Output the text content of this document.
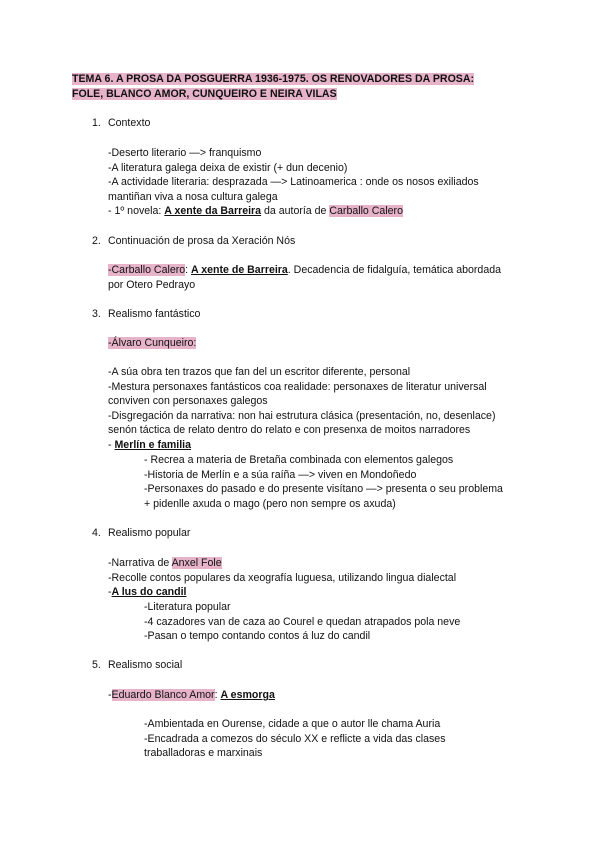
TEMA 6. A PROSA DA POSGUERRA 1936-1975. OS RENOVADORES DA PROSA:
FOLE, BLANCO AMOR, CUNQUEIRO E NEIRA VILAS
1. Contexto
-Deserto literario —> franquismo
-A literatura galega deixa de existir (+ dun decenio)
-A actividade literaria: desprazada —> Latinoamerica : onde os nosos exiliados
mantiñan viva a nosa cultura galega
- 1º novela: A xente da Barreira da autoría de Carballo Calero
2. Continuación de prosa da Xeración Nós
-Carballo Calero: A xente de Barreira. Decadencia de fidalguía, temática abordada
por Otero Pedrayo
3. Realismo fantástico
-Álvaro Cunqueiro:
-A súa obra ten trazos que fan del un escritor diferente, personal
-Mestura personaxes fantásticos coa realidade: personaxes de literatur universal
conviven con personaxes galegos
-Disgregación da narrativa: non hai estrutura clásica (presentación, no, desenlace)
senón táctica de relato dentro do relato e con presenxa de moitos narradores
- Merlín e familia
- Recrea a materia de Bretaña combinada con elementos galegos
-Historia de Merlín e a súa raíña —> viven en Mondoñedo
-Personaxes do pasado e do presente visítano —> presenta o seu problema
+ pidenlle axuda o mago (pero non sempre os axuda)
4. Realismo popular
-Narrativa de Anxel Fole
-Recolle contos populares da xeografía luguesa, utilizando lingua dialectal
-A lus do candil
-Literatura popular
-4 cazadores van de caza ao Courel e quedan atrapados pola neve
-Pasan o tempo contando contos á luz do candil
5. Realismo social
-Eduardo Blanco Amor: A esmorga
-Ambientada en Ourense, cidade a que o autor lle chama Auria
-Encadrada a comezos do século XX e reflicte a vida das clases
traballadoras e marxinais
